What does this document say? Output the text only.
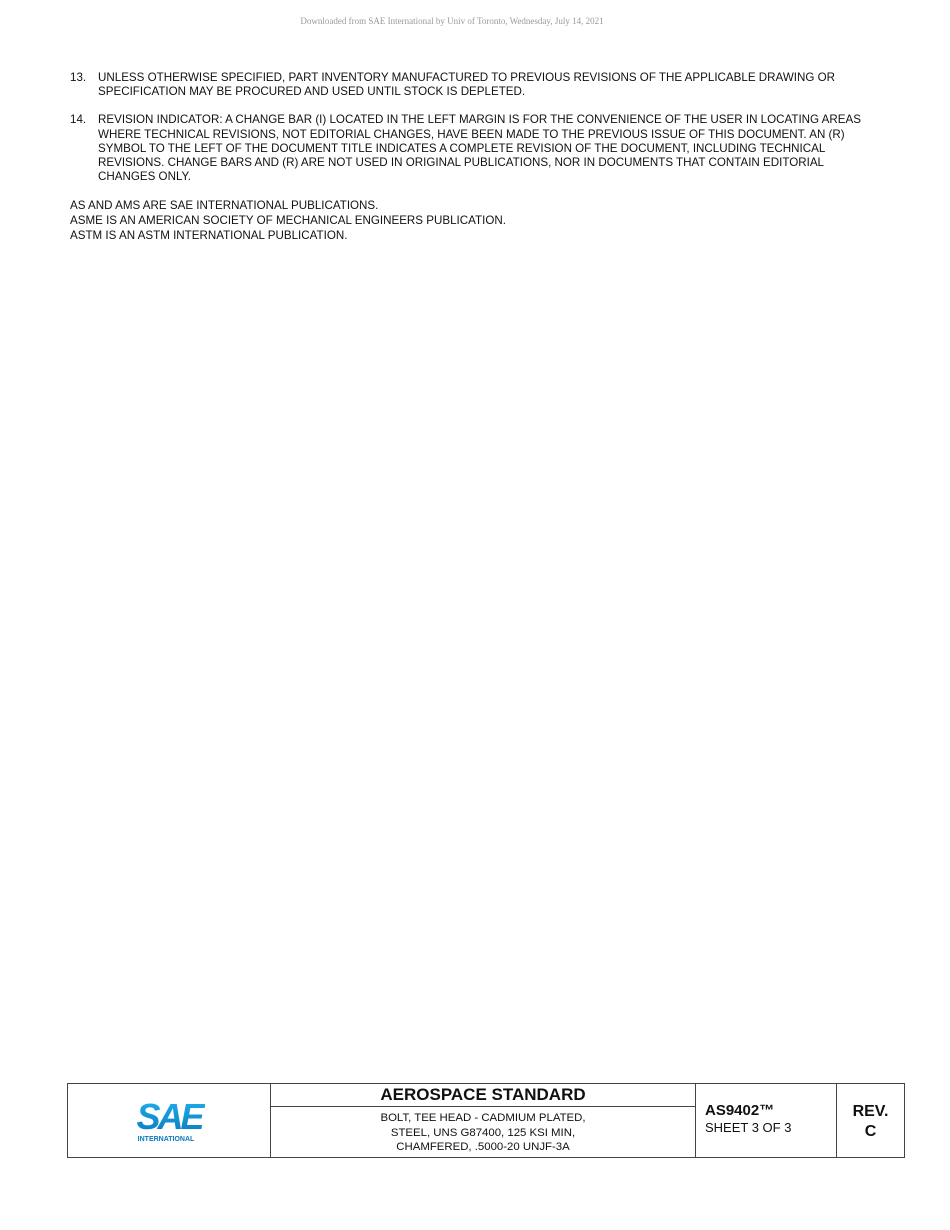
Downloaded from SAE International by Univ of Toronto, Wednesday, July 14, 2021
13.	UNLESS OTHERWISE SPECIFIED, PART INVENTORY MANUFACTURED TO PREVIOUS REVISIONS OF THE APPLICABLE DRAWING OR SPECIFICATION MAY BE PROCURED AND USED UNTIL STOCK IS DEPLETED.
14.	REVISION INDICATOR: A CHANGE BAR (I) LOCATED IN THE LEFT MARGIN IS FOR THE CONVENIENCE OF THE USER IN LOCATING AREAS WHERE TECHNICAL REVISIONS, NOT EDITORIAL CHANGES, HAVE BEEN MADE TO THE PREVIOUS ISSUE OF THIS DOCUMENT. AN (R) SYMBOL TO THE LEFT OF THE DOCUMENT TITLE INDICATES A COMPLETE REVISION OF THE DOCUMENT, INCLUDING TECHNICAL REVISIONS. CHANGE BARS AND (R) ARE NOT USED IN ORIGINAL PUBLICATIONS, NOR IN DOCUMENTS THAT CONTAIN EDITORIAL CHANGES ONLY.
AS AND AMS ARE SAE INTERNATIONAL PUBLICATIONS.
ASME IS AN AMERICAN SOCIETY OF MECHANICAL ENGINEERS PUBLICATION.
ASTM IS AN ASTM INTERNATIONAL PUBLICATION.
SAE
INTERNATIONAL
AEROSPACE STANDARD
BOLT, TEE HEAD - CADMIUM PLATED,
STEEL, UNS G87400, 125 KSI MIN,
CHAMFERED, .5000-20 UNJF-3A
AS9402™
SHEET 3 OF 3
REV.
C
